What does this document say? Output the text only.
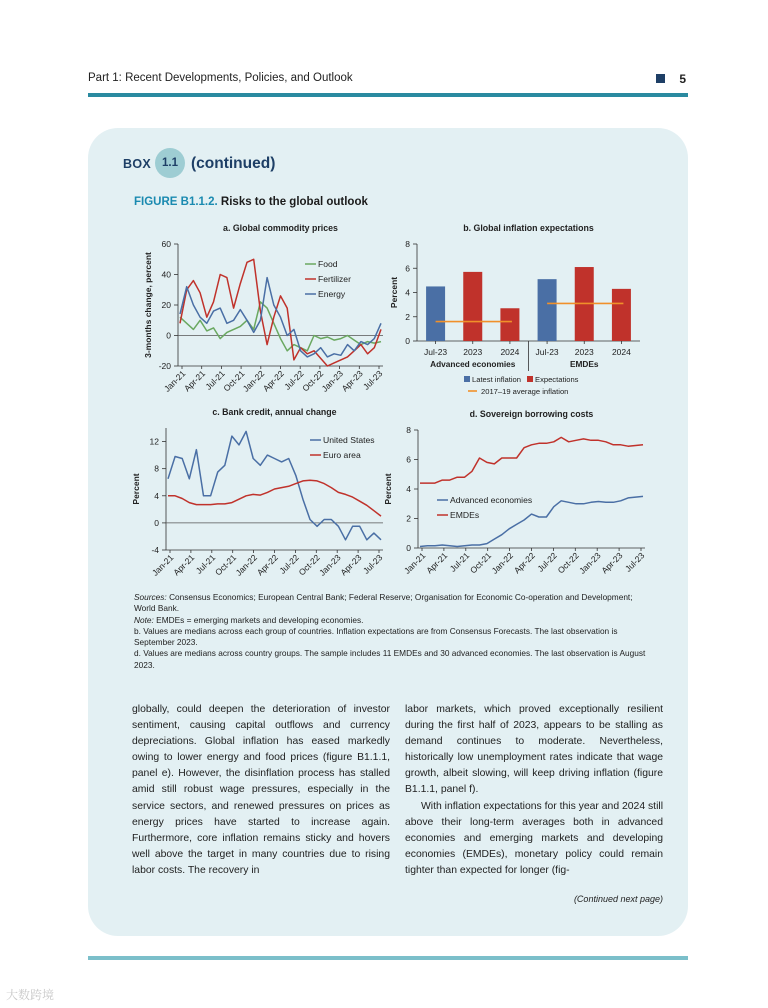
Part 1: Recent Developments, Policies, and Outlook	5
BOX 1.1 (continued)
FIGURE B1.1.2. Risks to the global outlook
a. Global commodity prices
-20
0
20
40
60
3-months change, percent
Jan-21
Apr-21
Jul-21
Oct-21
Jan-22
Apr-22
Jul-22
Oct-22
Jan-23
Apr-23
Jul-23
Food
Fertilizer
Energy
b. Global inflation expectations
0
2
4
6
8
Percent
Jul-23 2023 2024
Advanced economies
Jul-23 2023 2024
EMDEs
Latest inflation Expectations
2017–19 average inflation
c. Bank credit, annual change
-4
0
4
8
12
Percent
Jan-21
Apr-21
Jul-21
Oct-21
Jan-22
Apr-22
Jul-22
Oct-22
Jan-23
Apr-23
Jul-23
United States
Euro area
d. Sovereign borrowing costs
0
2
4
6
8
Percent
Jan-21
Apr-21
Jul-21
Oct-21
Jan-22
Apr-22
Jul-22
Oct-22
Jan-23
Apr-23
Jul-23
Advanced economies
EMDEs

Sources: Consensus Economics; European Central Bank; Federal Reserve; Organisation for Economic Co-operation and Development; World Bank.

Note: EMDEs = emerging markets and developing economies.

b. Values are medians across each group of countries. Inflation expectations are from Consensus Forecasts. The last observation is September 2023.

d. Values are medians across country groups. The sample includes 11 EMDEs and 30 advanced economies. The last observation is August 2023.

globally, could deepen the deterioration of investor sentiment, causing capital outflows and currency depreciations. Global inflation has eased markedly owing to lower energy and food prices (figure B1.1.1, panel e). However, the disinflation process has stalled amid still robust wage pressures, especially in the service sectors, and renewed pressures on prices as energy prices have started to increase again. Furthermore, core inflation remains sticky and hovers well above the target in many countries due to rising labor costs. The recovery in

labor markets, which proved exceptionally resilient during the first half of 2023, appears to be stalling as demand continues to moderate. Nevertheless, historically low unemployment rates indicate that wage growth, albeit slowing, will keep driving inflation (figure B1.1.1, panel f).

With inflation expectations for this year and 2024 still above their long-term averages both in advanced economies and emerging markets and developing economies (EMDEs), monetary policy could remain tighter than expected for longer (fig-

(Continued next page)
大数跨境
